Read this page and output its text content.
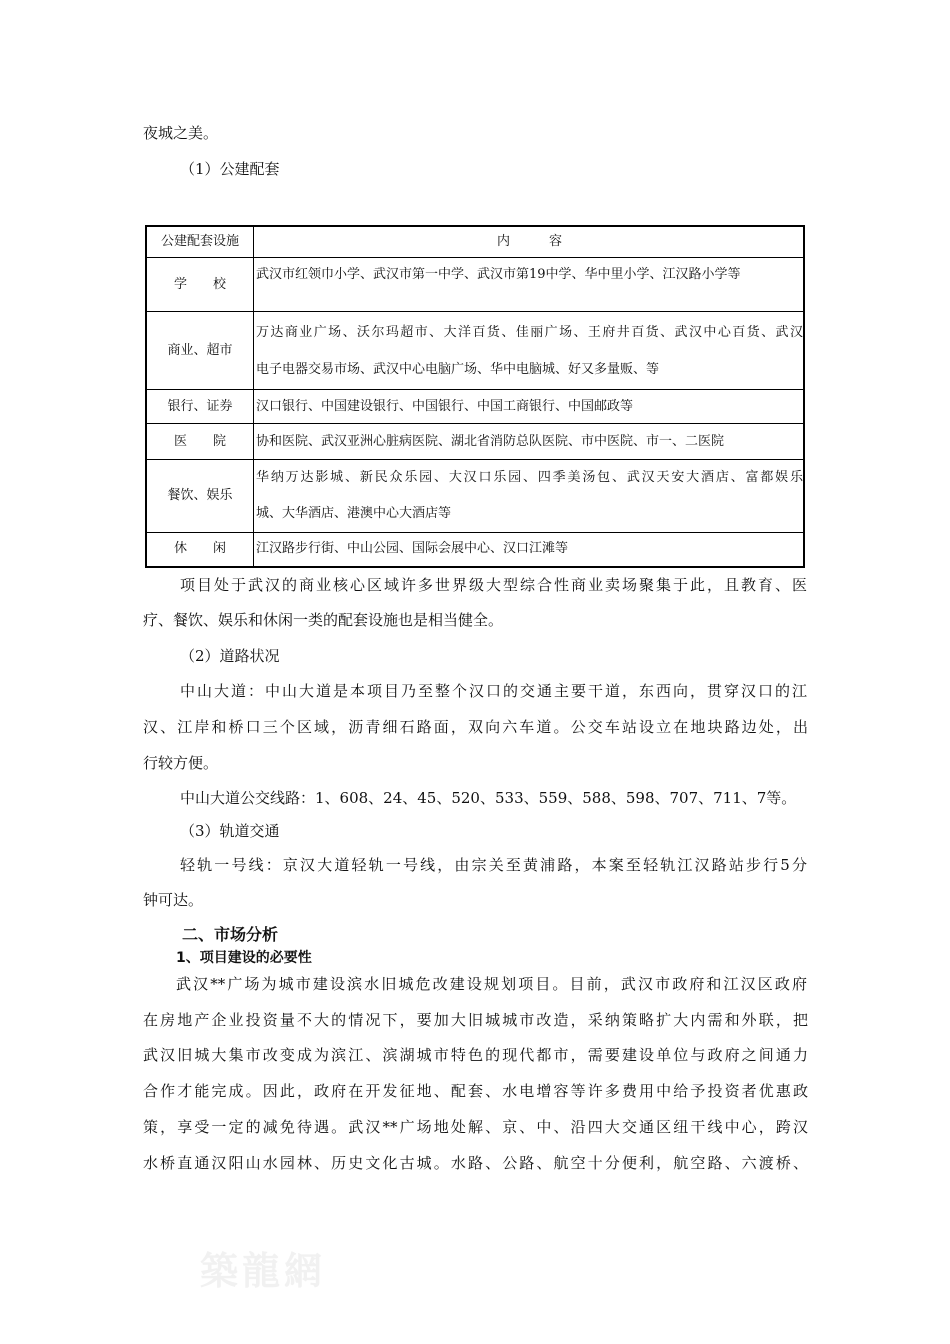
夜城之美。

（1）公建配套

公建配套设施	内　　　容
学　　校	武汉市红领巾小学、武汉市第一中学、武汉市第19中学、华中里小学、江汉路小学等

商业、超市	万达商业广场、沃尔玛超市、大洋百货、佳丽广场、王府井百货、武汉中心百货、武汉
电子电器交易市场、武汉中心电脑广场、华中电脑城、好又多量贩、等

银行、证券	汉口银行、中国建设银行、中国银行、中国工商银行、中国邮政等

医　　院	协和医院、武汉亚洲心脏病医院、湖北省消防总队医院、市中医院、市一、二医院

餐饮、娱乐	华纳万达影城、新民众乐园、大汉口乐园、四季美汤包、武汉天安大酒店、富都娱乐
城、大华酒店、港澳中心大酒店等

休　　闲	江汉路步行街、中山公园、国际会展中心、汉口江滩等

项目处于武汉的商业核心区域许多世界级大型综合性商业卖场聚集于此，且教育、医

疗、餐饮、娱乐和休闲一类的配套设施也是相当健全。

（2）道路状况

中山大道：中山大道是本项目乃至整个汉口的交通主要干道，东西向，贯穿汉口的江

汉、江岸和桥口三个区域，沥青细石路面，双向六车道。公交车站设立在地块路边处，出

行较方便。

中山大道公交线路：1、608、24、45、520、533、559、588、598、707、711、7等。

（3）轨道交通

轻轨一号线：京汉大道轻轨一号线，由宗关至黄浦路，本案至轻轨江汉路站步行5分

钟可达。

二、市场分析

1、项目建设的必要性

武汉**广场为城市建设滨水旧城危改建设规划项目。目前，武汉市政府和江汉区政府

在房地产企业投资量不大的情况下，要加大旧城城市改造，采纳策略扩大内需和外联，把

武汉旧城大集市改变成为滨江、滨湖城市特色的现代都市，需要建设单位与政府之间通力

合作才能完成。因此，政府在开发征地、配套、水电增容等许多费用中给予投资者优惠政

策，享受一定的减免待遇。武汉**广场地处解、京、中、沿四大交通区纽干线中心，跨汉

水桥直通汉阳山水园林、历史文化古城。水路、公路、航空十分便利，航空路、六渡桥、

築龍網
